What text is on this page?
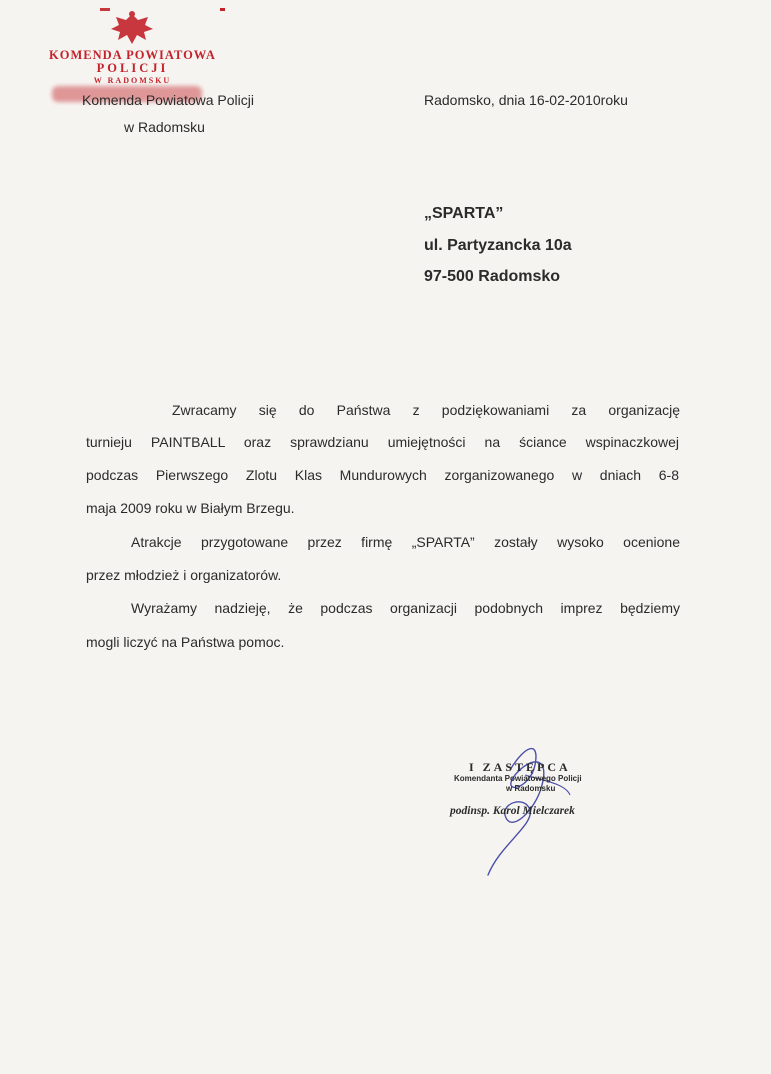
KOMENDA POWIATOWA
POLICJI
W RADOMSKU
Komenda Powiatowa Policji
w Radomsku
Radomsko, dnia 16-02-2010roku
„SPARTA”
ul. Partyzancka 10a
97-500 Radomsko
Zwracamy się do Państwa z podziękowaniami za organizację
turnieju PAINTBALL oraz sprawdzianu umiejętności na ściance wspinaczkowej
podczas Pierwszego Zlotu Klas Mundurowych zorganizowanego w dniach 6-8
maja 2009 roku w Białym Brzegu.
Atrakcje przygotowane przez firmę „SPARTA” zostały wysoko ocenione
przez młodzież i organizatorów.
Wyrażamy nadzieję, że podczas organizacji podobnych imprez będziemy
mogli liczyć na Państwa pomoc.
I ZASTĘPCA
Komendanta Powiatowego Policji
w Radomsku
podinsp. Karol Mielczarek
